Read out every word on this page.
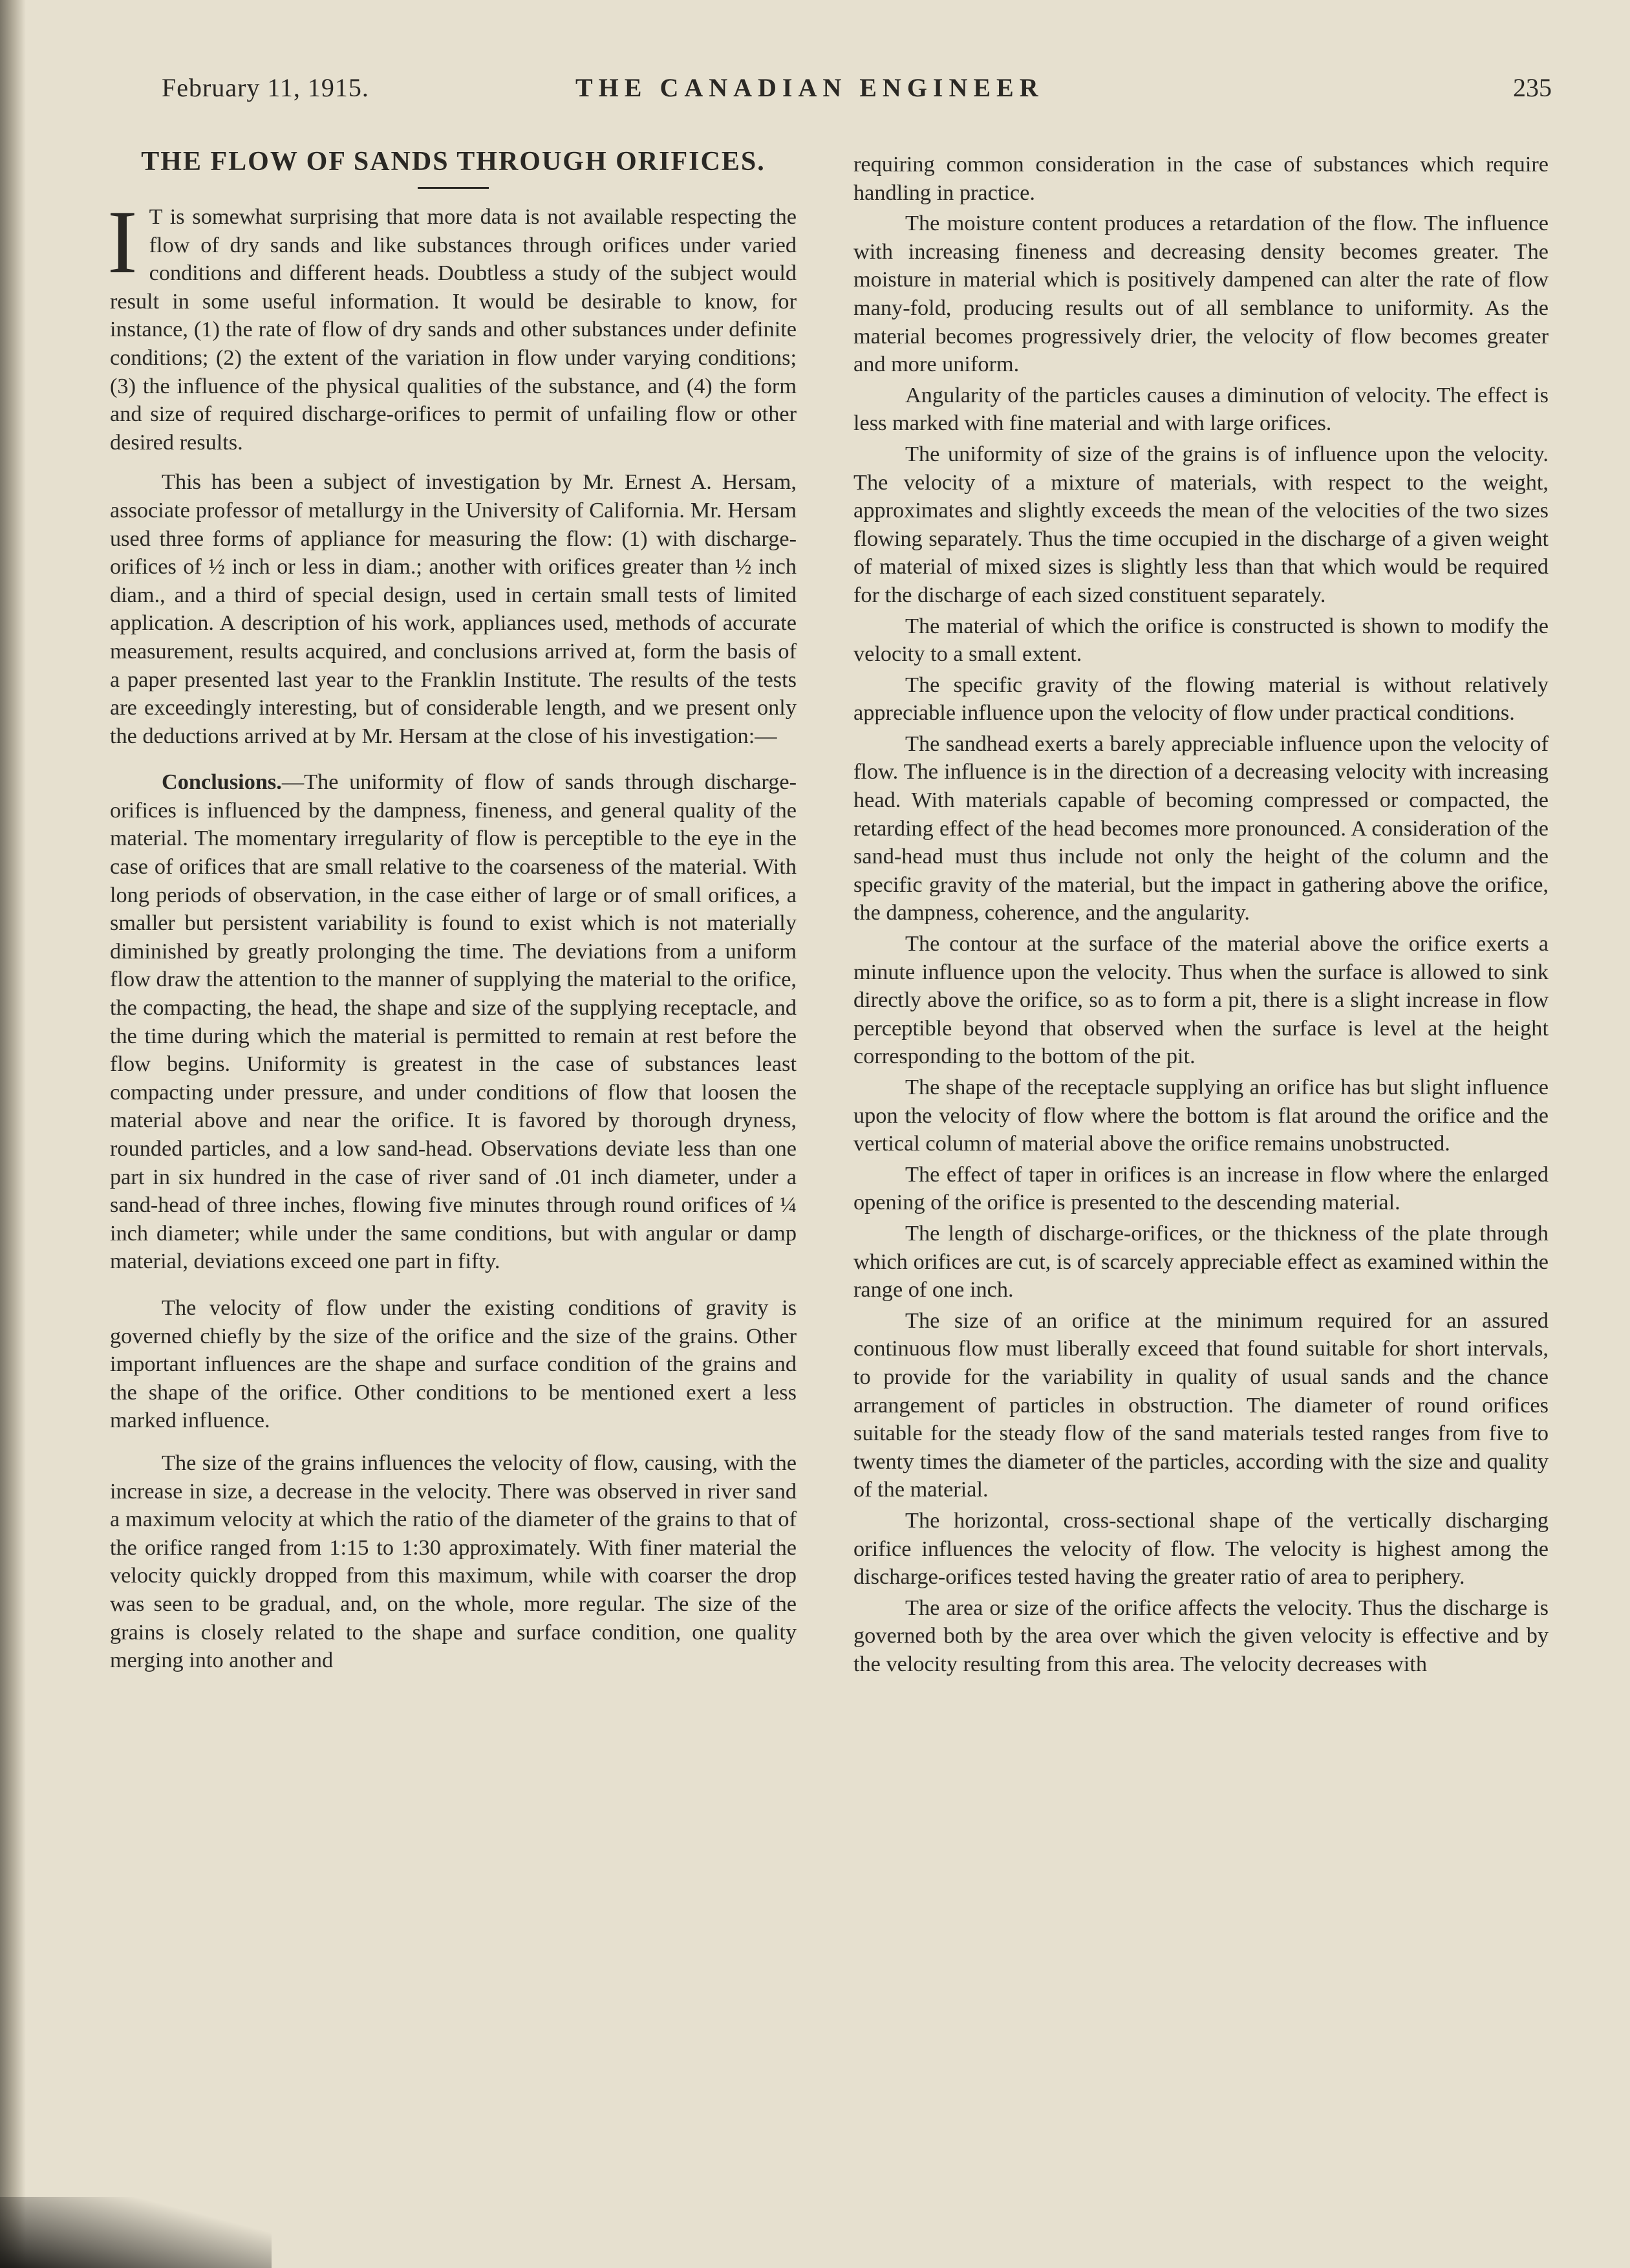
February 11, 1915.	THE CANADIAN ENGINEER	235
THE FLOW OF SANDS THROUGH ORIFICES.

I T is somewhat surprising that more data is not available respecting the flow of dry sands and like substances through orifices under varied conditions and different heads. Doubtless a study of the subject would result in some useful information. It would be desirable to know, for instance, (1) the rate of flow of dry sands and other substances under definite conditions; (2) the extent of the variation in flow under varying conditions; (3) the influence of the physical qualities of the substance, and (4) the form and size of required discharge-orifices to permit of unfailing flow or other desired results.

This has been a subject of investigation by Mr. Ernest A. Hersam, associate professor of metallurgy in the University of California. Mr. Hersam used three forms of appliance for measuring the flow: (1) with discharge-orifices of ½ inch or less in diam.; another with orifices greater than ½ inch diam., and a third of special design, used in certain small tests of limited application. A description of his work, appliances used, methods of accurate measurement, results acquired, and conclusions arrived at, form the basis of a paper presented last year to the Franklin Institute. The results of the tests are exceedingly interesting, but of considerable length, and we present only the deductions arrived at by Mr. Hersam at the close of his investigation:—

Conclusions.—The uniformity of flow of sands through discharge-orifices is influenced by the dampness, fineness, and general quality of the material. The momentary irregularity of flow is perceptible to the eye in the case of orifices that are small relative to the coarseness of the material. With long periods of observation, in the case either of large or of small orifices, a smaller but persistent variability is found to exist which is not materially diminished by greatly prolonging the time. The deviations from a uniform flow draw the attention to the manner of supplying the material to the orifice, the compacting, the head, the shape and size of the supplying receptacle, and the time during which the material is permitted to remain at rest before the flow begins. Uniformity is greatest in the case of substances least compacting under pressure, and under conditions of flow that loosen the material above and near the orifice. It is favored by thorough dryness, rounded particles, and a low sand-head. Observations deviate less than one part in six hundred in the case of river sand of .01 inch diameter, under a sand-head of three inches, flowing five minutes through round orifices of ¼ inch diameter; while under the same conditions, but with angular or damp material, deviations exceed one part in fifty.

The velocity of flow under the existing conditions of gravity is governed chiefly by the size of the orifice and the size of the grains. Other important influences are the shape and surface condition of the grains and the shape of the orifice. Other conditions to be mentioned exert a less marked influence.

The size of the grains influences the velocity of flow, causing, with the increase in size, a decrease in the velocity. There was observed in river sand a maximum velocity at which the ratio of the diameter of the grains to that of the orifice ranged from 1:15 to 1:30 approximately. With finer material the velocity quickly dropped from this maximum, while with coarser the drop was seen to be gradual, and, on the whole, more regular. The size of the grains is closely related to the shape and surface condition, one quality merging into another and

requiring common consideration in the case of substances which require handling in practice.

The moisture content produces a retardation of the flow. The influence with increasing fineness and decreasing density becomes greater. The moisture in material which is positively dampened can alter the rate of flow many-fold, producing results out of all semblance to uniformity. As the material becomes progressively drier, the velocity of flow becomes greater and more uniform.

Angularity of the particles causes a diminution of velocity. The effect is less marked with fine material and with large orifices.

The uniformity of size of the grains is of influence upon the velocity. The velocity of a mixture of materials, with respect to the weight, approximates and slightly exceeds the mean of the velocities of the two sizes flowing separately. Thus the time occupied in the discharge of a given weight of material of mixed sizes is slightly less than that which would be required for the discharge of each sized constituent separately.

The material of which the orifice is constructed is shown to modify the velocity to a small extent.

The specific gravity of the flowing material is without relatively appreciable influence upon the velocity of flow under practical conditions.

The sandhead exerts a barely appreciable influence upon the velocity of flow. The influence is in the direction of a decreasing velocity with increasing head. With materials capable of becoming compressed or compacted, the retarding effect of the head becomes more pronounced. A consideration of the sand-head must thus include not only the height of the column and the specific gravity of the material, but the impact in gathering above the orifice, the dampness, coherence, and the angularity.

The contour at the surface of the material above the orifice exerts a minute influence upon the velocity. Thus when the surface is allowed to sink directly above the orifice, so as to form a pit, there is a slight increase in flow perceptible beyond that observed when the surface is level at the height corresponding to the bottom of the pit.

The shape of the receptacle supplying an orifice has but slight influence upon the velocity of flow where the bottom is flat around the orifice and the vertical column of material above the orifice remains unobstructed.

The effect of taper in orifices is an increase in flow where the enlarged opening of the orifice is presented to the descending material.

The length of discharge-orifices, or the thickness of the plate through which orifices are cut, is of scarcely appreciable effect as examined within the range of one inch.

The size of an orifice at the minimum required for an assured continuous flow must liberally exceed that found suitable for short intervals, to provide for the variability in quality of usual sands and the chance arrangement of particles in obstruction. The diameter of round orifices suitable for the steady flow of the sand materials tested ranges from five to twenty times the diameter of the particles, according with the size and quality of the material.

The horizontal, cross-sectional shape of the vertically discharging orifice influences the velocity of flow. The velocity is highest among the discharge-orifices tested having the greater ratio of area to periphery.

The area or size of the orifice affects the velocity. Thus the discharge is governed both by the area over which the given velocity is effective and by the velocity resulting from this area. The velocity decreases with
